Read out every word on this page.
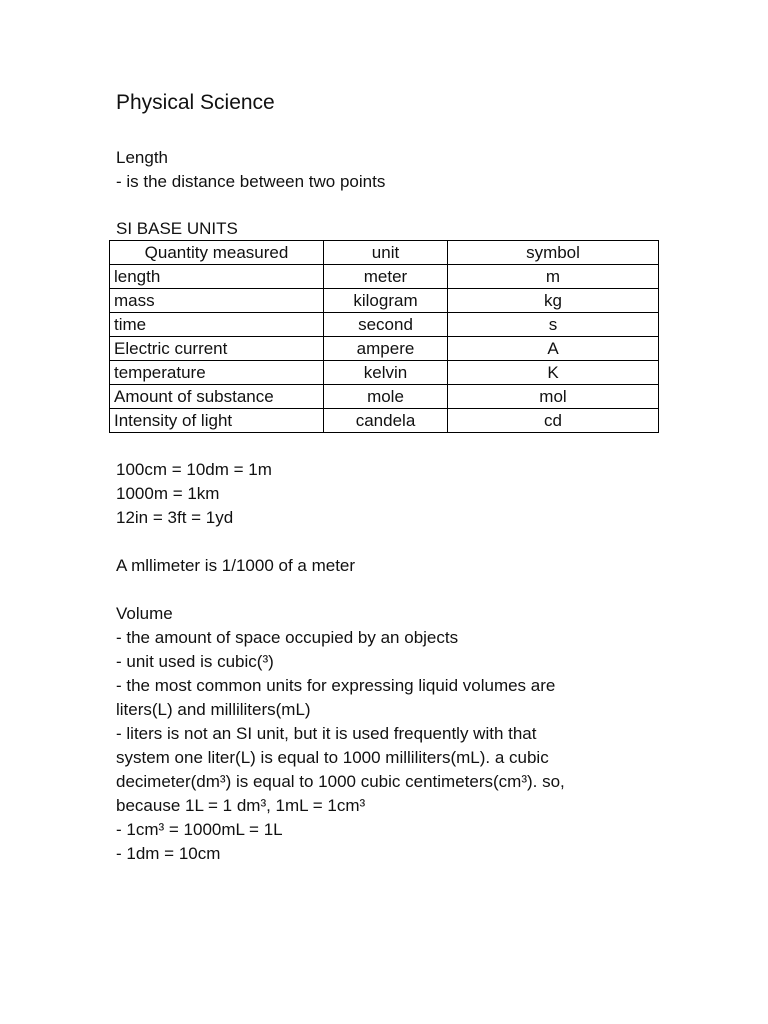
Physical Science
Length
- is the distance between two points
SI BASE UNITS
Quantity measured	unit	symbol
length	meter	m
mass	kilogram	kg
time	second	s
Electric current	ampere	A
temperature	kelvin	K
Amount of substance	mole	mol
Intensity of light	candela	cd
100cm = 10dm = 1m
1000m = 1km
12in = 3ft = 1yd
A mllimeter is 1/1000 of a meter
Volume
- the amount of space occupied by an objects
- unit used is cubic(³)
- the most common units for expressing liquid volumes are
liters(L) and milliliters(mL)
- liters is not an SI unit, but it is used frequently with that
system one liter(L) is equal to 1000 milliliters(mL). a cubic
decimeter(dm³) is equal to 1000 cubic centimeters(cm³). so,
because 1L = 1 dm³, 1mL = 1cm³
- 1cm³ = 1000mL = 1L
- 1dm = 10cm
